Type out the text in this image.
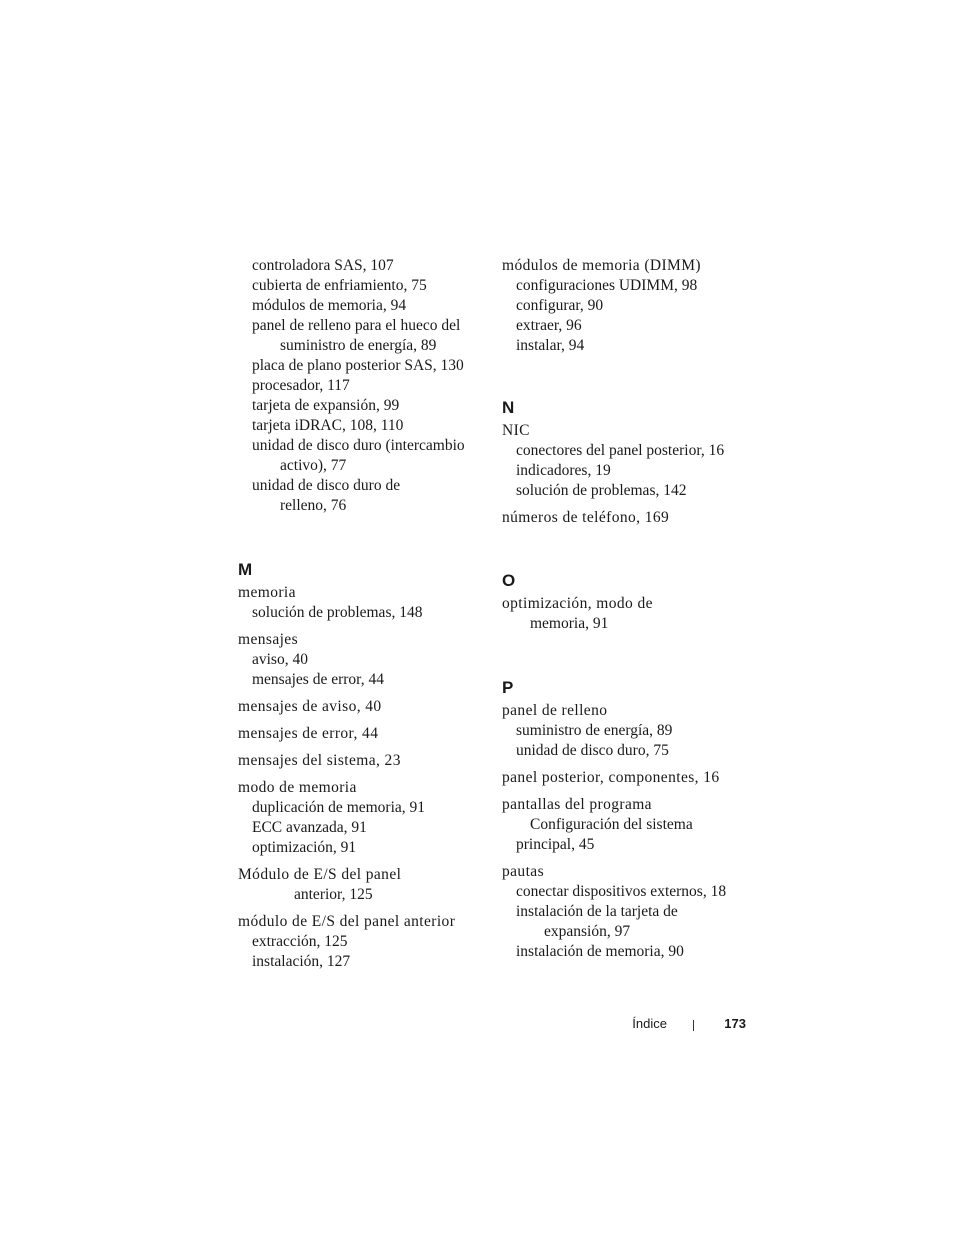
controladora SAS, 107
cubierta de enfriamiento, 75
módulos de memoria, 94
panel de relleno para el hueco del
suministro de energía, 89
placa de plano posterior SAS, 130
procesador, 117
tarjeta de expansión, 99
tarjeta iDRAC, 108, 110
unidad de disco duro (intercambio
activo), 77
unidad de disco duro de
relleno, 76
M
memoria
solución de problemas, 148
mensajes
aviso, 40
mensajes de error, 44
mensajes de aviso, 40
mensajes de error, 44
mensajes del sistema, 23
modo de memoria
duplicación de memoria, 91
ECC avanzada, 91
optimización, 91
Módulo de E/S del panel
anterior, 125
módulo de E/S del panel anterior
extracción, 125
instalación, 127
módulos de memoria (DIMM)
configuraciones UDIMM, 98
configurar, 90
extraer, 96
instalar, 94
N
NIC
conectores del panel posterior, 16
indicadores, 19
solución de problemas, 142
números de teléfono, 169
O
optimización, modo de
memoria, 91
P
panel de relleno
suministro de energía, 89
unidad de disco duro, 75
panel posterior, componentes, 16
pantallas del programa
Configuración del sistema
principal, 45
pautas
conectar dispositivos externos, 18
instalación de la tarjeta de
expansión, 97
instalación de memoria, 90
Índice	173
